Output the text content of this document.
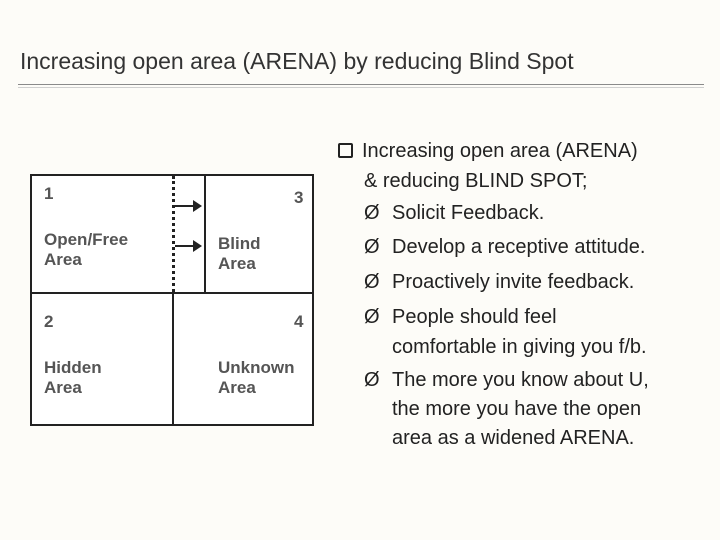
Increasing open area (ARENA) by reducing Blind Spot
1
Open/Free
Area
3
Blind
Area
2
Hidden
Area
4
Unknown
Area
Increasing open area (ARENA)
& reducing BLIND SPOT;
Ø Solicit Feedback.
Ø Develop a receptive attitude.
Ø Proactively invite feedback.
Ø People should feel
comfortable in giving you f/b.
Ø The more you know about U,
the more you have the open
area as a widened ARENA.
